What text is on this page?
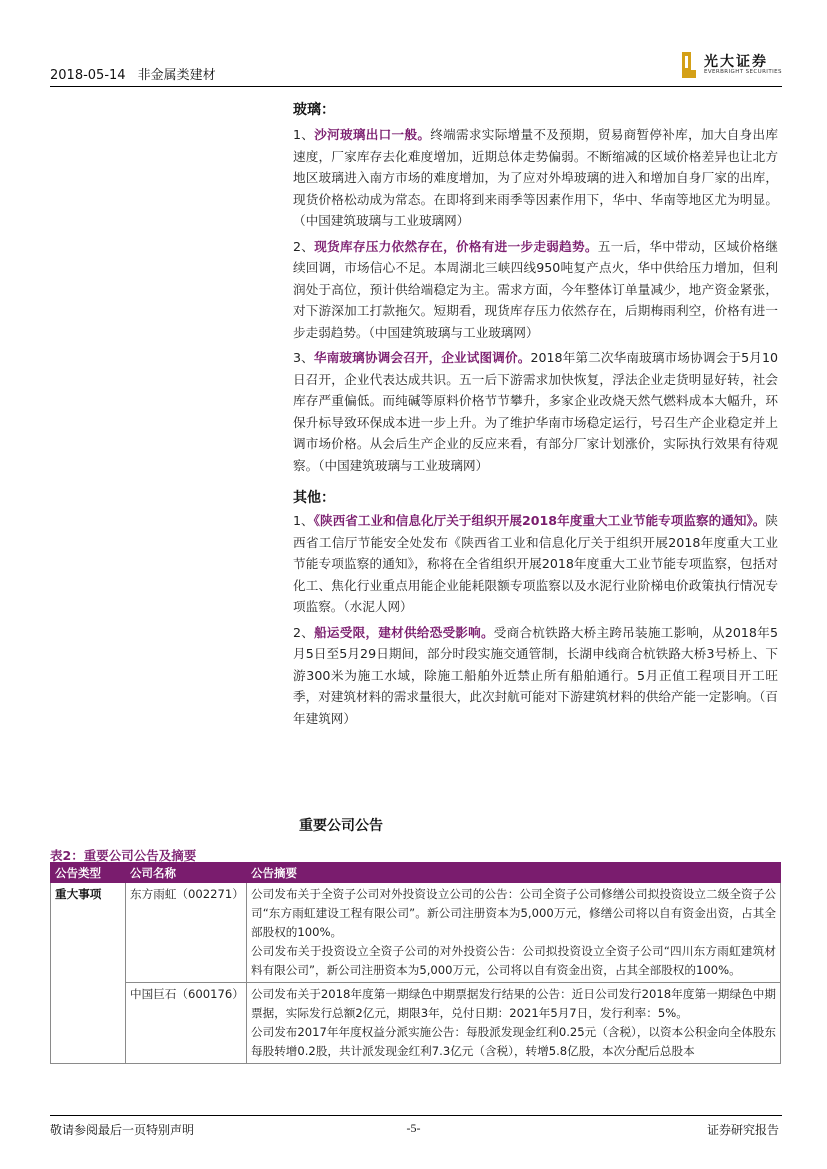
2018-05-14 非金属类建材
光大证券
EVERBRIGHT SECURITIES

玻璃：

1、沙河玻璃出口一般。终端需求实际增量不及预期，贸易商暂停补库，加大自身出库速度，厂家库存去化难度增加，近期总体走势偏弱。不断缩减的区域价格差异也让北方地区玻璃进入南方市场的难度增加，为了应对外埠玻璃的进入和增加自身厂家的出库，现货价格松动成为常态。在即将到来雨季等因素作用下，华中、华南等地区尤为明显。（中国建筑玻璃与工业玻璃网）

2、现货库存压力依然存在，价格有进一步走弱趋势。五一后，华中带动，区域价格继续回调，市场信心不足。本周湖北三峡四线950吨复产点火，华中供给压力增加，但利润处于高位，预计供给端稳定为主。需求方面，今年整体订单量减少，地产资金紧张，对下游深加工打款拖欠。短期看，现货库存压力依然存在，后期梅雨利空，价格有进一步走弱趋势。（中国建筑玻璃与工业玻璃网）

3、华南玻璃协调会召开，企业试图调价。2018年第二次华南玻璃市场协调会于5月10日召开，企业代表达成共识。五一后下游需求加快恢复，浮法企业走货明显好转，社会库存严重偏低。而纯碱等原料价格节节攀升，多家企业改烧天然气燃料成本大幅升，环保升标导致环保成本进一步上升。为了维护华南市场稳定运行，号召生产企业稳定并上调市场价格。从会后生产企业的反应来看，有部分厂家计划涨价，实际执行效果有待观察。（中国建筑玻璃与工业玻璃网）

其他：

1、《陕西省工业和信息化厅关于组织开展2018年度重大工业节能专项监察的通知》。陕西省工信厅节能安全处发布《陕西省工业和信息化厅关于组织开展2018年度重大工业节能专项监察的通知》，称将在全省组织开展2018年度重大工业节能专项监察，包括对化工、焦化行业重点用能企业能耗限额专项监察以及水泥行业阶梯电价政策执行情况专项监察。（水泥人网）

2、船运受限，建材供给恐受影响。受商合杭铁路大桥主跨吊装施工影响，从2018年5月5日至5月29日期间，部分时段实施交通管制，长湖申线商合杭铁路大桥3号桥上、下游300米为施工水域，除施工船舶外近禁止所有船舶通行。5月正值工程项目开工旺季，对建筑材料的需求量很大，此次封航可能对下游建筑材料的供给产能一定影响。（百年建筑网）

重要公司公告
表2：重要公司公告及摘要
公告类型	公司名称	公告摘要
重大事项	东方雨虹（002271）	公司发布关于全资子公司对外投资设立公司的公告：公司全资子公司修缮公司拟投资设立二级全资子公司“东方雨虹建设工程有限公司”。新公司注册资本为5,000万元，修缮公司将以自有资金出资，占其全部股权的100%。
公司发布关于投资设立全资子公司的对外投资公告：公司拟投资设立全资子公司“四川东方雨虹建筑材料有限公司”，新公司注册资本为5,000万元，公司将以自有资金出资，占其全部股权的100%。

	中国巨石（600176）	公司发布关于2018年度第一期绿色中期票据发行结果的公告：近日公司发行2018年度第一期绿色中期票据，实际发行总额2亿元，期限3年，兑付日期：2021年5月7日，发行利率：5%。
公司发布2017年年度权益分派实施公告：每股派发现金红利0.25元（含税），以资本公积金向全体股东每股转增0.2股，共计派发现金红利7.3亿元（含税），转增5.8亿股，本次分配后总股本
敬请参阅最后一页特别声明	-5-	证券研究报告
